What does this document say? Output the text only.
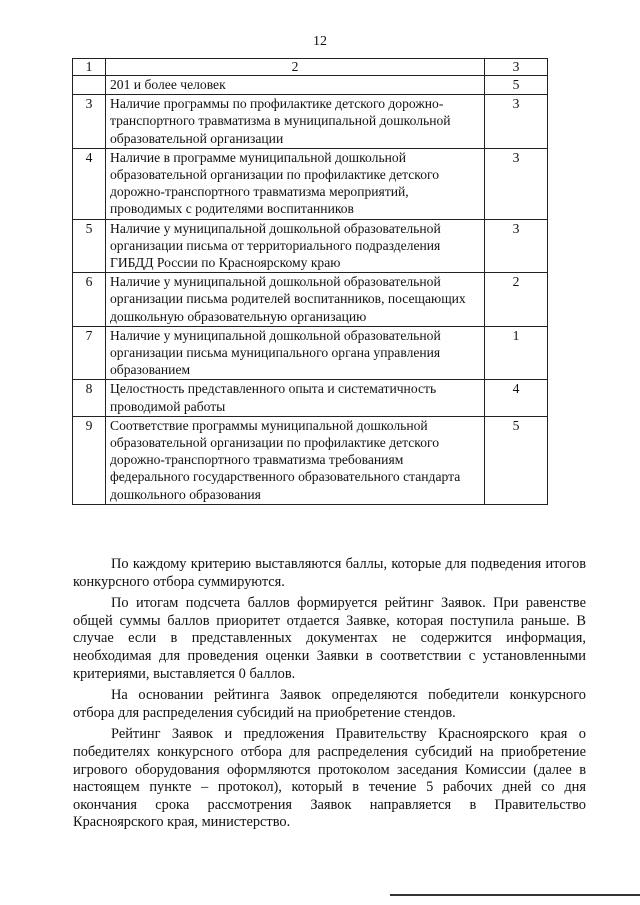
12
1	2	3
	201 и более человек	5
3	Наличие программы по профилактике детского дорожно-транспортного травматизма в муниципальной дошкольной образовательной организации	3
4	Наличие в программе муниципальной дошкольной образовательной организации по профилактике детского дорожно-транспортного травматизма мероприятий, проводимых с родителями воспитанников	3
5	Наличие у муниципальной дошкольной образовательной организации письма от территориального подразделения ГИБДД России по Красноярскому краю	3
6	Наличие у муниципальной дошкольной образовательной организации письма родителей воспитанников, посещающих дошкольную образовательную организацию	2
7	Наличие у муниципальной дошкольной образовательной организации письма муниципального органа управления образованием	1
8	Целостность представленного опыта и систематичность проводимой работы	4
9	Соответствие программы муниципальной дошкольной образовательной организации по профилактике детского дорожно-транспортного травматизма требованиям федерального государственного образовательного стандарта дошкольного образования	5

По каждому критерию выставляются баллы, которые для подведения итогов конкурсного отбора суммируются.

По итогам подсчета баллов формируется рейтинг Заявок. При равенстве общей суммы баллов приоритет отдается Заявке, которая поступила раньше. В случае если в представленных документах не содержится информация, необходимая для проведения оценки Заявки в соответствии с установленными критериями, выставляется 0 баллов.

На основании рейтинга Заявок определяются победители конкурсного отбора для распределения субсидий на приобретение стендов.

Рейтинг Заявок и предложения Правительству Красноярского края о победителях конкурсного отбора для распределения субсидий на приобретение игрового оборудования оформляются протоколом заседания Комиссии (далее в настоящем пункте – протокол), который в течение 5 рабочих дней со дня окончания срока рассмотрения Заявок направляется в Правительство Красноярского края, министерство.
